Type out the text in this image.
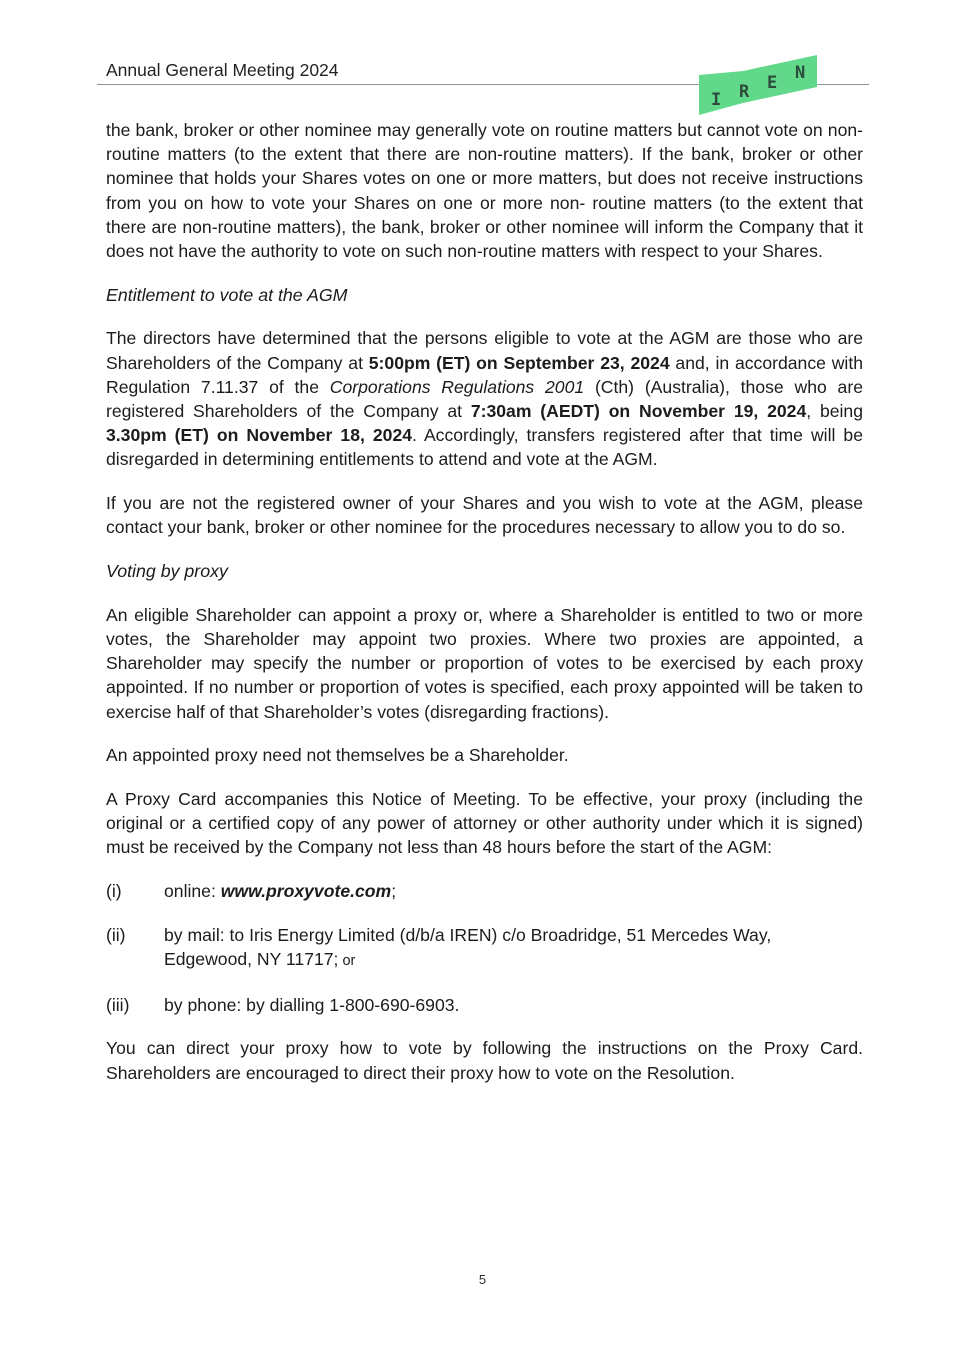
Annual General Meeting 2024
I R E N

the bank, broker or other nominee may generally vote on routine matters but cannot vote on non-routine matters (to the extent that there are non-routine matters). If the bank, broker or other nominee that holds your Shares votes on one or more matters, but does not receive instructions from you on how to vote your Shares on one or more non- routine matters (to the extent that there are non-routine matters), the bank, broker or other nominee will inform the Company that it does not have the authority to vote on such non-routine matters with respect to your Shares.

Entitlement to vote at the AGM

The directors have determined that the persons eligible to vote at the AGM are those who are Shareholders of the Company at 5:00pm (ET) on September 23, 2024 and, in accordance with Regulation 7.11.37 of the Corporations Regulations 2001 (Cth) (Australia), those who are registered Shareholders of the Company at 7:30am (AEDT) on November 19, 2024, being 3.30pm (ET) on November 18, 2024. Accordingly, transfers registered after that time will be disregarded in determining entitlements to attend and vote at the AGM.

If you are not the registered owner of your Shares and you wish to vote at the AGM, please contact your bank, broker or other nominee for the procedures necessary to allow you to do so.

Voting by proxy

An eligible Shareholder can appoint a proxy or, where a Shareholder is entitled to two or more votes, the Shareholder may appoint two proxies. Where two proxies are appointed, a Shareholder may specify the number or proportion of votes to be exercised by each proxy appointed. If no number or proportion of votes is specified, each proxy appointed will be taken to exercise half of that Shareholder’s votes (disregarding fractions).

An appointed proxy need not themselves be a Shareholder.

A Proxy Card accompanies this Notice of Meeting. To be effective, your proxy (including the original or a certified copy of any power of attorney or other authority under which it is signed) must be received by the Company not less than 48 hours before the start of the AGM:

(i)	online: www.proxyvote.com;
(ii)	by mail: to Iris Energy Limited (d/b/a IREN) c/o Broadridge, 51 Mercedes Way, Edgewood, NY 11717; or
(iii)	by phone: by dialling 1-800-690-6903.

You can direct your proxy how to vote by following the instructions on the Proxy Card. Shareholders are encouraged to direct their proxy how to vote on the Resolution.

5
